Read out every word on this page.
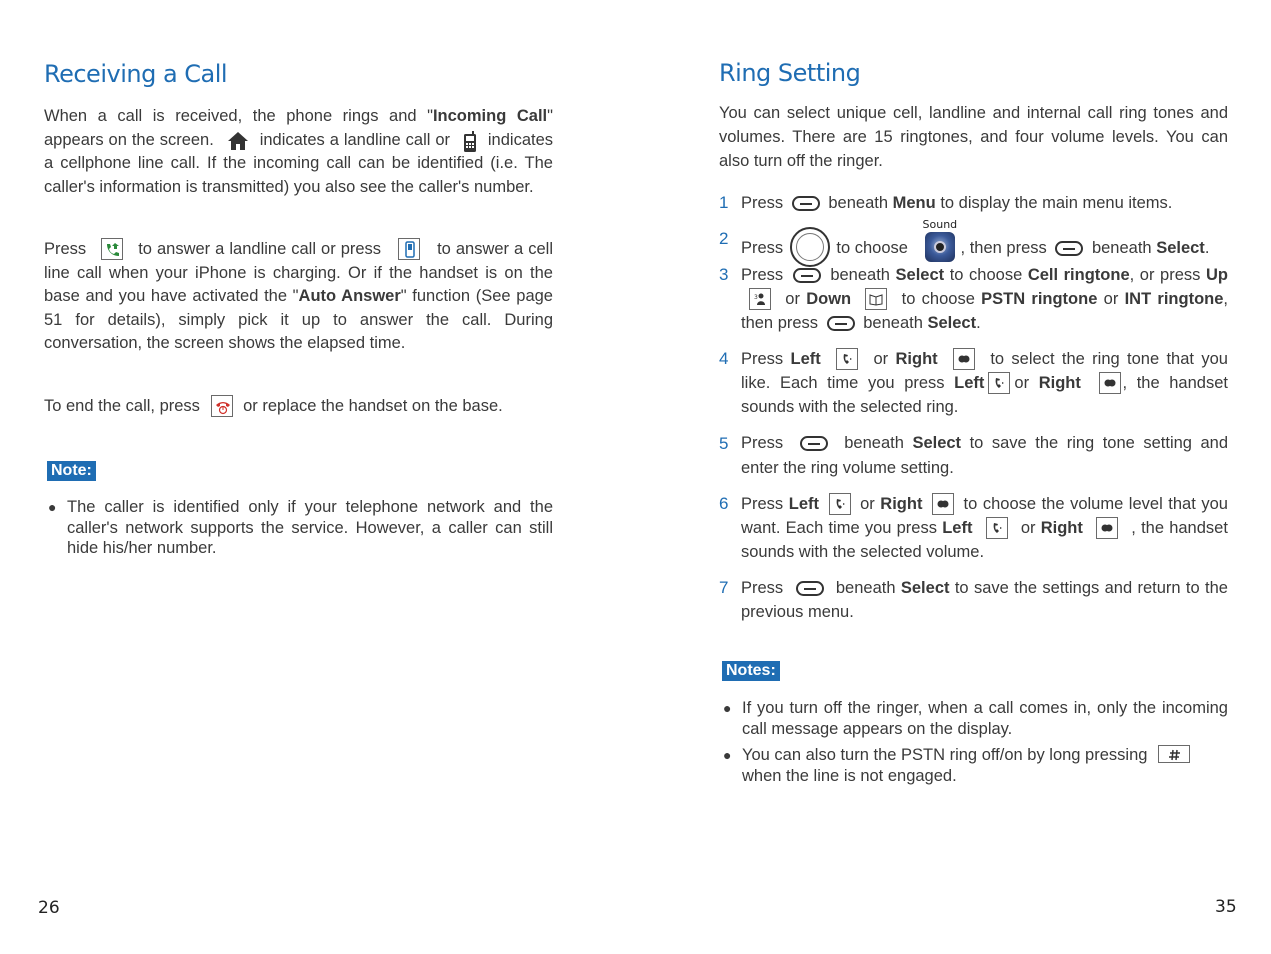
Receiving a Call

When a call is received, the phone rings and "Incoming Call" appears on the screen.	indicates a landline call or indicates a cellphone line call. If the incoming call can be identified (i.e. The caller's information is transmitted) you also see the caller's number.

Press	to answer a landline call or press	to answer a cell line call when your iPhone is charging. Or if the handset is on the base and you have activated the "Auto Answer" function (See page 51 for details), simply pick it up to answer the call. During conversation, the screen shows the elapsed time.

To end the call, press	or replace the handset on the base.

Note:
● The caller is identified only if your telephone network and the caller's network supports the service. However, a caller can still hide his/her number.
26
Ring Setting

You can select unique cell, landline and internal call ring tones and volumes. There are 15 ringtones, and four volume levels. You can also turn off the ringer.

1 Press	beneath Menu to display the main menu items.
2 Press	to choose
Sound
, then press	beneath Select.
3 Press	beneath Select to choose Cell ringtone, or press Up
3 or Down	to choose PSTN ringtone or INT ringtone, then press	beneath Select.
4 Press Left	or Right	to select the ring tone that you like. Each time you press Left or Right	, the handset sounds with the selected ring.
5 Press	beneath Select to save the ring tone setting and enter the ring volume setting.
6 Press Left or Right to choose the volume level that you want. Each time you press Left	or Right	, the handset sounds with the selected volume.
7 Press	beneath Select to save the settings and return to the previous menu.
Notes:
● If you turn off the ringer, when a call comes in, only the incoming call message appears on the display.
● You can also turn the PSTN ring off/on by long pressing

when the line is not engaged.
35
